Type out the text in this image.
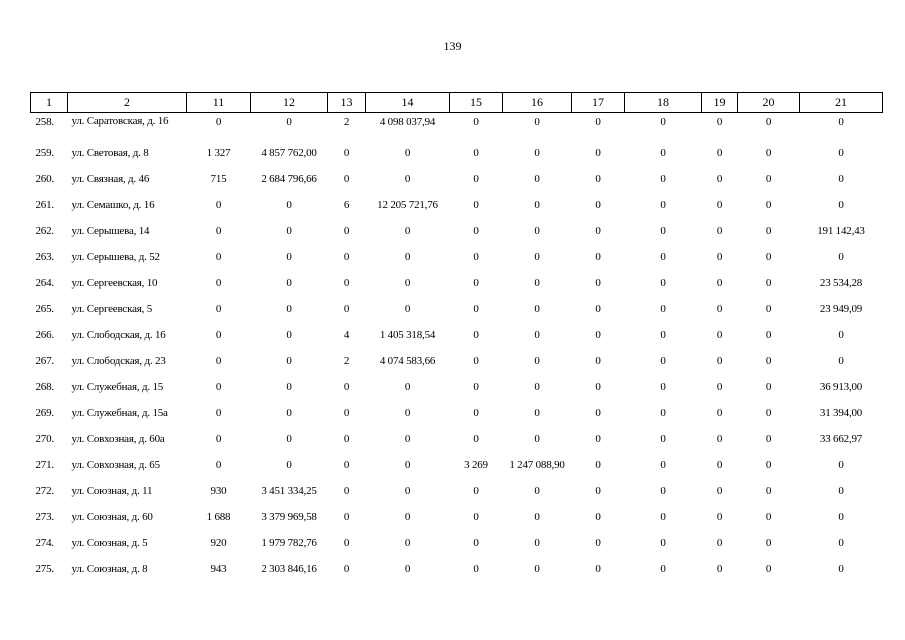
139
1	2	11	12	13	14	15	16	17	18	19	20	21
258.	ул. Саратовская, д. 16	0	0	2	4 098 037,94	0	0	0	0	0	0	0
259.	ул. Световая, д. 8	1 327	4 857 762,00	0	0	0	0	0	0	0	0	0
260.	ул. Связная, д. 46	715	2 684 796,66	0	0	0	0	0	0	0	0	0
261.	ул. Семашко, д. 16	0	0	6	12 205 721,76	0	0	0	0	0	0	0
262.	ул. Серышева, 14	0	0	0	0	0	0	0	0	0	0	191 142,43
263.	ул. Серышева, д. 52	0	0	0	0	0	0	0	0	0	0	0
264.	ул. Сергеевская, 10	0	0	0	0	0	0	0	0	0	0	23 534,28
265.	ул. Сергеевская, 5	0	0	0	0	0	0	0	0	0	0	23 949,09
266.	ул. Слободская, д. 16	0	0	4	1 405 318,54	0	0	0	0	0	0	0
267.	ул. Слободская, д. 23	0	0	2	4 074 583,66	0	0	0	0	0	0	0
268.	ул. Служебная, д. 15	0	0	0	0	0	0	0	0	0	0	36 913,00
269.	ул. Служебная, д. 15а	0	0	0	0	0	0	0	0	0	0	31 394,00
270.	ул. Совхозная, д. 60а	0	0	0	0	0	0	0	0	0	0	33 662,97
271.	ул. Совхозная, д. 65	0	0	0	0	3 269	1 247 088,90	0	0	0	0	0
272.	ул. Союзная, д. 11	930	3 451 334,25	0	0	0	0	0	0	0	0	0
273.	ул. Союзная, д. 60	1 688	3 379 969,58	0	0	0	0	0	0	0	0	0
274.	ул. Союзная, д. 5	920	1 979 782,76	0	0	0	0	0	0	0	0	0
275.	ул. Союзная, д. 8	943	2 303 846,16	0	0	0	0	0	0	0	0	0
